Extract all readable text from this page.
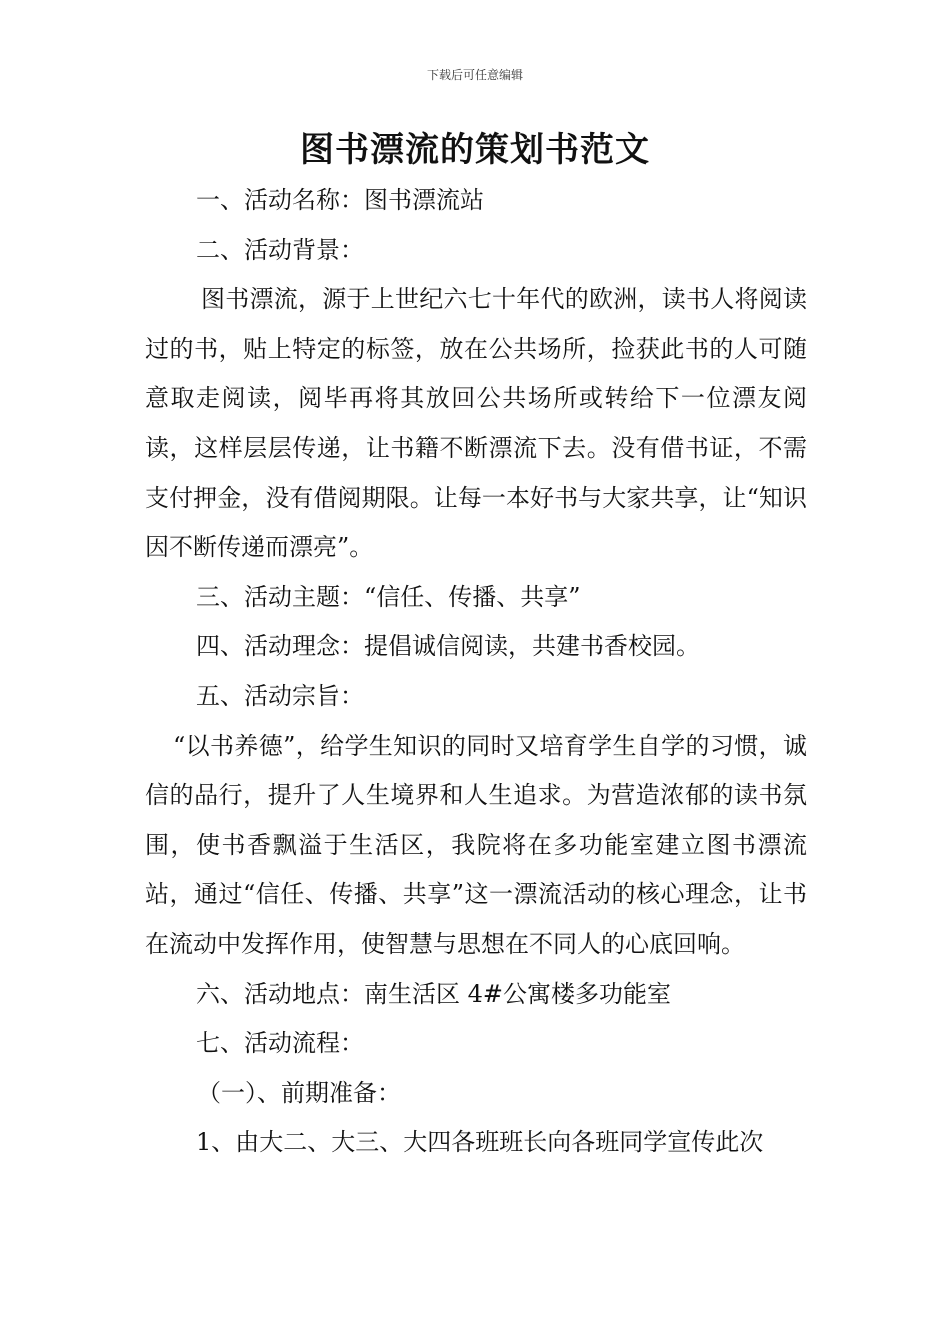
下载后可任意编辑
图书漂流的策划书范文

一、活动名称：图书漂流站

二、活动背景：

图书漂流，源于上世纪六七十年代的欧洲，读书人将阅读过的书，贴上特定的标签，放在公共场所，捡获此书的人可随意取走阅读，阅毕再将其放回公共场所或转给下一位漂友阅读，这样层层传递，让书籍不断漂流下去。没有借书证，不需支付押金，没有借阅期限。让每一本好书与大家共享，让“知识因不断传递而漂亮”。

三、活动主题：“信任、传播、共享”

四、活动理念：提倡诚信阅读，共建书香校园。

五、活动宗旨：

“以书养德”，给学生知识的同时又培育学生自学的习惯，诚信的品行，提升了人生境界和人生追求。为营造浓郁的读书氛围，使书香飘溢于生活区，我院将在多功能室建立图书漂流站，通过“信任、传播、共享”这一漂流活动的核心理念，让书在流动中发挥作用，使智慧与思想在不同人的心底回响。

六、活动地点：南生活区 4#公寓楼多功能室

七、活动流程：

（一）、前期准备：

1、由大二、大三、大四各班班长向各班同学宣传此次
